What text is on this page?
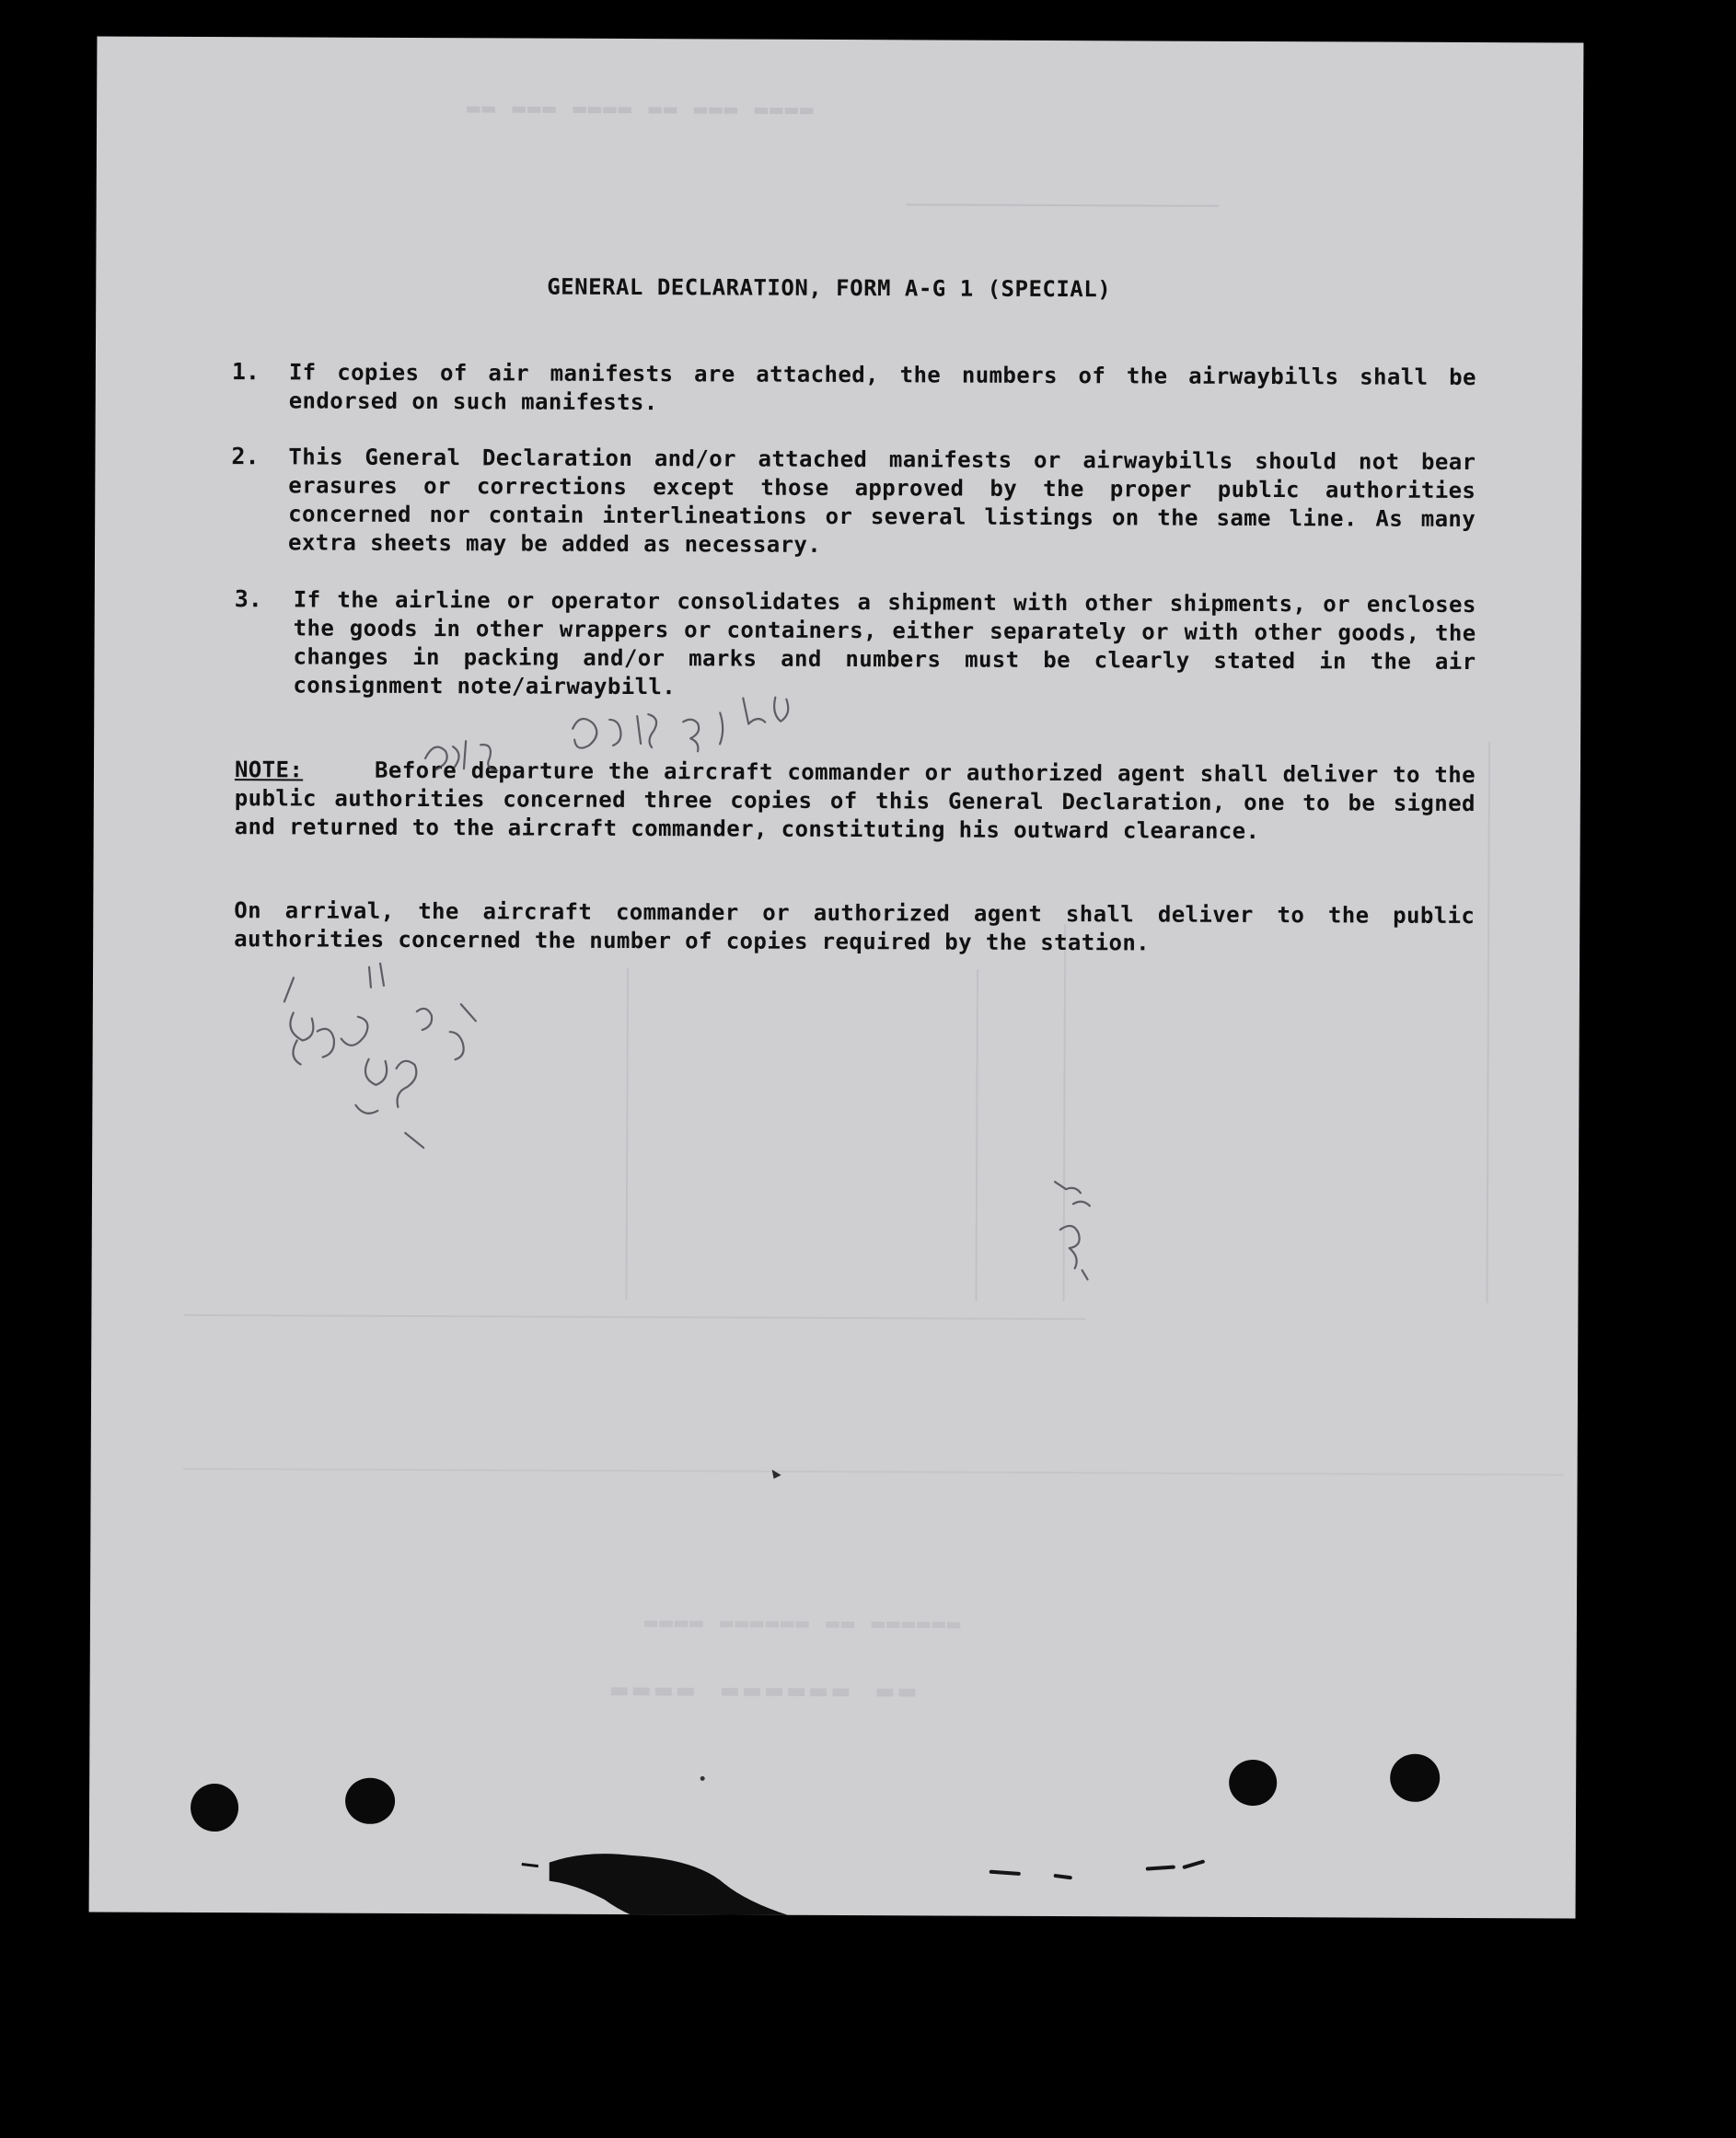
▬▬▬▬ ▬▬▬ ▬▬ ▬▬▬▬ ▬▬▬ ▬▬
▬▬ ▬▬▬▬▬▬ ▬▬▬▬
▬▬▬▬▬▬ ▬▬ ▬▬▬▬▬▬ ▬▬▬▬
GENERAL DECLARATION, FORM A-G 1 (SPECIAL)
1. If copies of air manifests are attached, the numbers of the airwaybills shall be endorsed on such manifests.
2. This General Declaration and/or attached manifests or airwaybills should not bear erasures or corrections except those approved by the proper public authorities concerned nor contain interlineations or several listings on the same line. As many extra sheets may be added as necessary.
3. If the airline or operator consolidates a shipment with other shipments, or encloses the goods in other wrappers or containers, either separately or with other goods, the changes in packing and/or marks and numbers must be clearly stated in the air consignment note/airwaybill.
NOTE:	Before departure the aircraft commander or authorized agent shall deliver to the public authorities concerned three copies of this General Declaration, one to be signed and returned to the aircraft commander, constituting his outward clearance.
On arrival, the aircraft commander or authorized agent shall deliver to the public authorities concerned the number of copies required by the station.
